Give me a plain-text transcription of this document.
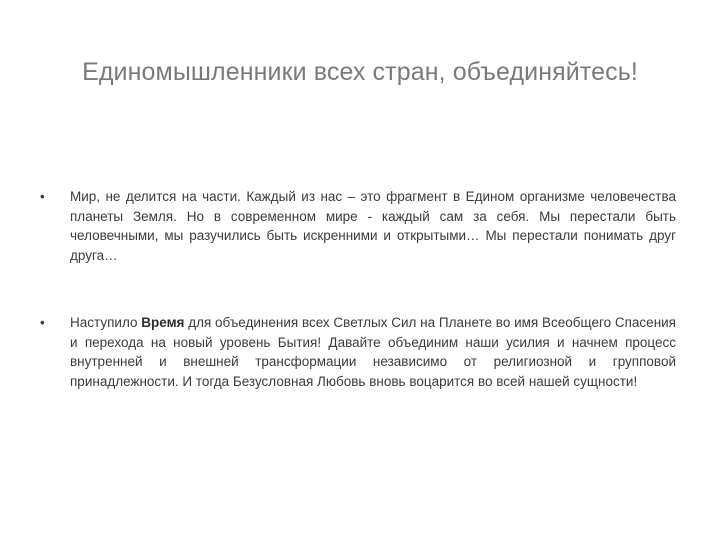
Единомышленники всех стран, объединяйтесь!
• Мир, не делится на части. Каждый из нас – это фрагмент в Едином организме человечества планеты Земля. Но в современном мире - каждый сам за себя. Мы перестали быть человечными, мы разучились быть искренними и открытыми… Мы перестали понимать друг друга…
• Наступило Время для объединения всех Светлых Сил на Планете во имя Всеобщего Спасения и перехода на новый уровень Бытия! Давайте объединим наши усилия и начнем процесс внутренней и внешней трансформации независимо от религиозной и групповой принадлежности. И тогда Безусловная Любовь вновь воцарится во всей нашей сущности!
